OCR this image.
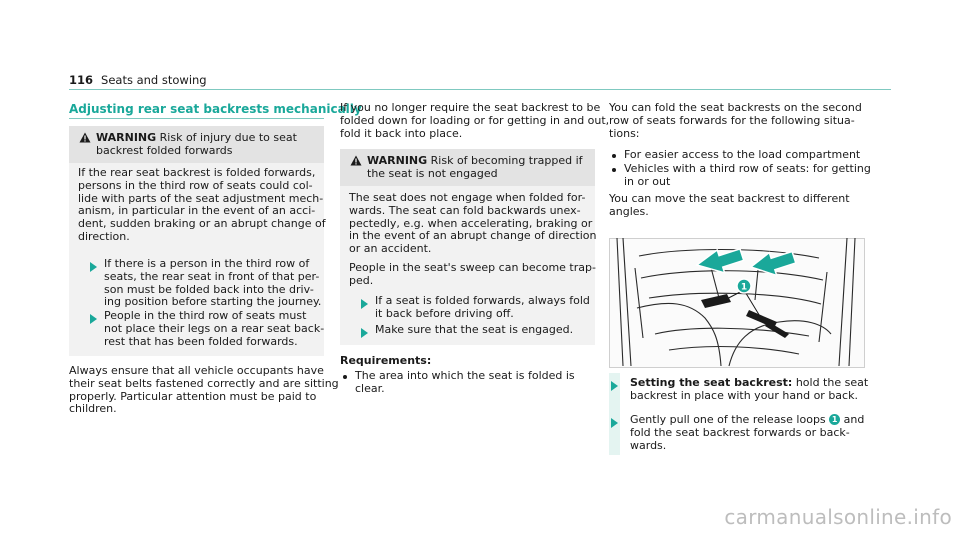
116 Seats and stowing
Adjusting rear seat backrests mechanically

WARNING Risk of injury due to seat

backrest folded forwards

If the rear seat backrest is folded forwards,
persons in the third row of seats could col-
lide with parts of the seat adjustment mech-
anism, in particular in the event of an acci-
dent, sudden braking or an abrupt change of
direction.

If there is a person in the third row of
seats, the rear seat in front of that per-
son must be folded back into the driv-
ing position before starting the journey.

People in the third row of seats must
not place their legs on a rear seat back-
rest that has been folded forwards.

Always ensure that all vehicle occupants have
their seat belts fastened correctly and are sitting
properly. Particular attention must be paid to
children.

If you no longer require the seat backrest to be
folded down for loading or for getting in and out,
fold it back into place.

WARNING Risk of becoming trapped if

the seat is not engaged

The seat does not engage when folded for-
wards. The seat can fold backwards unex-
pectedly, e.g. when accelerating, braking or
in the event of an abrupt change of direction
or an accident.

People in the seat's sweep can become trap-
ped.

If a seat is folded forwards, always fold
it back before driving off.

Make sure that the seat is engaged.

Requirements:

The area into which the seat is folded is
clear.

You can fold the seat backrests on the second
row of seats forwards for the following situa-
tions:

For easier access to the load compartment

Vehicles with a third row of seats: for getting
in or out

You can move the seat backrest to different
angles.

1

Setting the seat backrest: hold the seat
backrest in place with your hand or back.

Gently pull one of the release loops 1 and
fold the seat backrest forwards or back-
wards.

carmanualsonline.info
